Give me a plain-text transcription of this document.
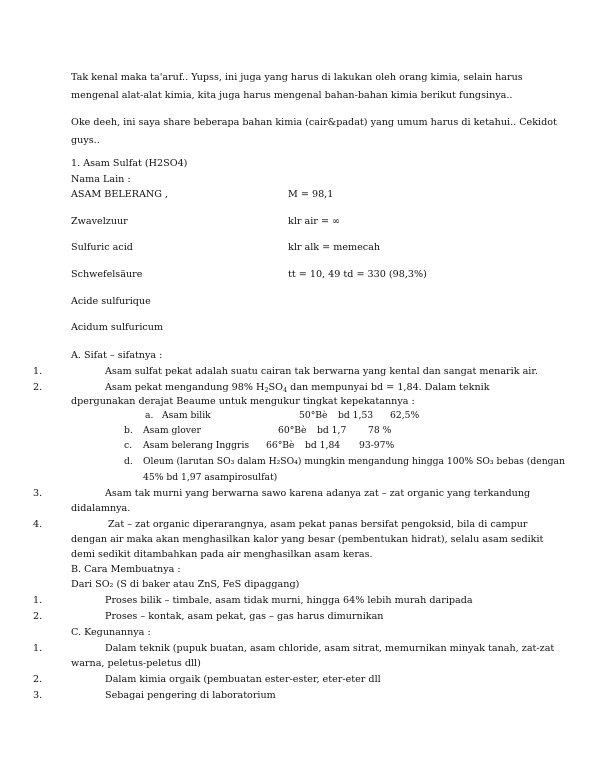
Tak kenal maka ta'aruf.. Yupss, ini juga yang harus di lakukan oleh orang kimia, selain harus
mengenal alat-alat kimia, kita juga harus mengenal bahan-bahan kimia berikut fungsinya..
Oke deeh, ini saya share beberapa bahan kimia (cair&padat) yang umum harus di ketahui.. Cekidot
guys..
1. Asam Sulfat (H2SO4)
Nama Lain :
ASAM BELERANG ,	M = 98,1
Zwavelzuur	klr air = ∞
Sulfuric acid	klr alk = memecah
Schwefelsäure	tt = 10, 49 td = 330 (98,3%)
Acide sulfurique
Acidum sulfuricum
A. Sifat – sifatnya :
1.	Asam sulfat pekat adalah suatu cairan tak berwarna yang kental dan sangat menarik air.
2.	Asam pekat mengandung 98% $H_2SO_4$ dan mempunyai bd = 1,84. Dalam teknik
dpergunakan derajat Beaume untuk mengukur tingkat kepekatannya :
a. Asam bilik	50°Bè bd 1,53 62,5%
b. Asam glover	60°Bè bd 1,7 78 %
c. Asam belerang Inggris 66°Bè bd 1,84 93-97%
d. Oleum (larutan SO₃ dalam H₂SO₄) mungkin mengandung hingga 100% SO₃ bebas (dengan
45% bd 1,97 asampirosulfat)
3.	Asam tak murni yang berwarna sawo karena adanya zat – zat organic yang terkandung
didalamnya.
4.	Zat – zat organic diperarangnya, asam pekat panas bersifat pengoksid, bila di campur
dengan air maka akan menghasilkan kalor yang besar (pembentukan hidrat), selalu asam sedikit
demi sedikit ditambahkan pada air menghasilkan asam keras.
B. Cara Membuatnya :
Dari SO₂ (S di baker atau ZnS, FeS dipaggang)
1.	Proses bilik – timbale, asam tidak murni, hingga 64% lebih murah daripada
2.	Proses – kontak, asam pekat, gas – gas harus dimurnikan
C. Kegunannya :
1.	Dalam teknik (pupuk buatan, asam chloride, asam sitrat, memurnikan minyak tanah, zat-zat
warna, peletus-peletus dll)
2.	Dalam kimia orgaik (pembuatan ester-ester, eter-eter dll
3.	Sebagai pengering di laboratorium
